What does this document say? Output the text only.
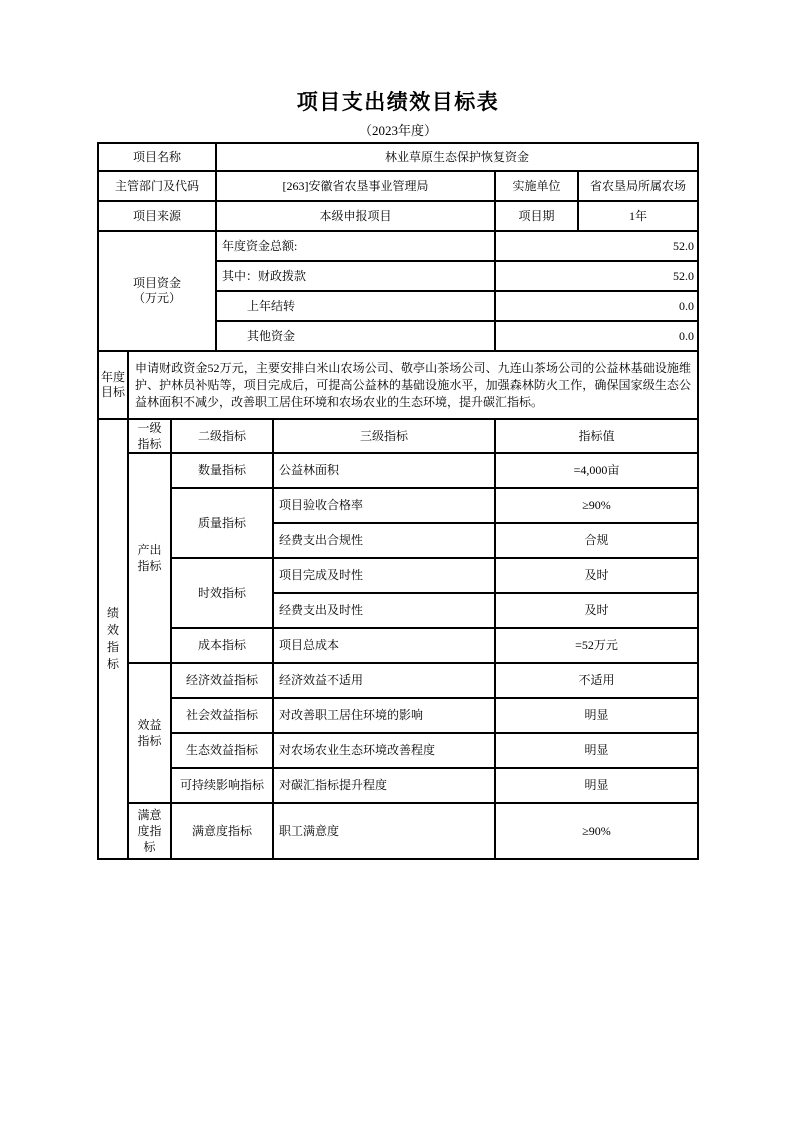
项目支出绩效目标表
（2023年度）
项目名称			林业草原生态保护恢复资金			
主管部门及代码			[263]安徽省农垦事业管理局		实施单位	省农垦局所属农场
项目来源			本级申报项目		项目期	1年

项目资金
（万元）			年度资金总额:		52.0	
			其中：财政拨款		52.0	
			上年结转		0.0	
			其他资金		0.0	
年度目标	申请财政资金52万元，主要安排白米山农场公司、敬亭山茶场公司、九连山茶场公司的公益林基础设施维护、护林员补贴等，项目完成后，可提高公益林的基础设施水平，加强森林防火工作，确保国家级生态公益林面积不减少，改善职工居住环境和农场农业的生态环境，提升碳汇指标。					

绩效指标	一级指标	二级指标		三级指标	指标值	
	产出指标	数量指标		公益林面积	=4,000亩	
		质量指标		项目验收合格率	≥90%	
				经费支出合规性	合规	
		时效指标		项目完成及时性	及时	
				经费支出及时性	及时	
		成本指标		项目总成本	=52万元	
	效益指标	经济效益指标		经济效益不适用	不适用	
		社会效益指标		对改善职工居住环境的影响	明显	
		生态效益指标		对农场农业生态环境改善程度	明显	
		可持续影响指标		对碳汇指标提升程度	明显	
	满意度指标	满意度指标		职工满意度	≥90%	
